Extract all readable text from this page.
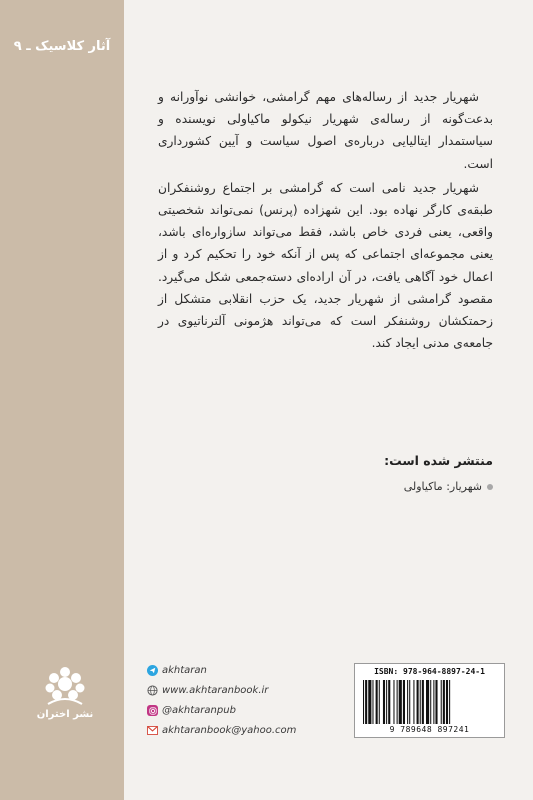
آثار کلاسیک ـ ۹

شهریار جدید از رساله‌های مهم گرامشی، خوانشی نوآورانه و بدعت‌گونه از رساله‌ی شهریار نیکولو ماکیاولی نویسنده و سیاستمدار ایتالیایی درباره‌ی اصول سیاست و آیین کشورداری است.

شهریار جدید نامی است که گرامشی بر اجتماع روشنفکران طبقه‌ی کارگر نهاده بود. این شهزاده (پرنس) نمی‌تواند شخصیتی واقعی، یعنی فردی خاص باشد، فقط می‌تواند سازواره‌ای باشد، یعنی مجموعه‌ای اجتماعی که پس از آنکه خود را تحکیم کرد و از اعمال خود آگاهی یافت، در آن اراده‌ای دسته‌جمعی شکل می‌گیرد. مقصود گرامشی از شهریار جدید، یک حزب انقلابی متشکل از زحمتکشان روشنفکر است که می‌تواند هژمونی آلترناتیوی در جامعه‌ی مدنی ایجاد کند.

منتشر شده است:
شهریار: ماکیاولی
akhtaran
www.akhtaranbook.ir
@akhtaranpub
akhtaranbook@yahoo.com
نشر اختران
ISBN: 978-964-8897-24-1
9 789648 897241
